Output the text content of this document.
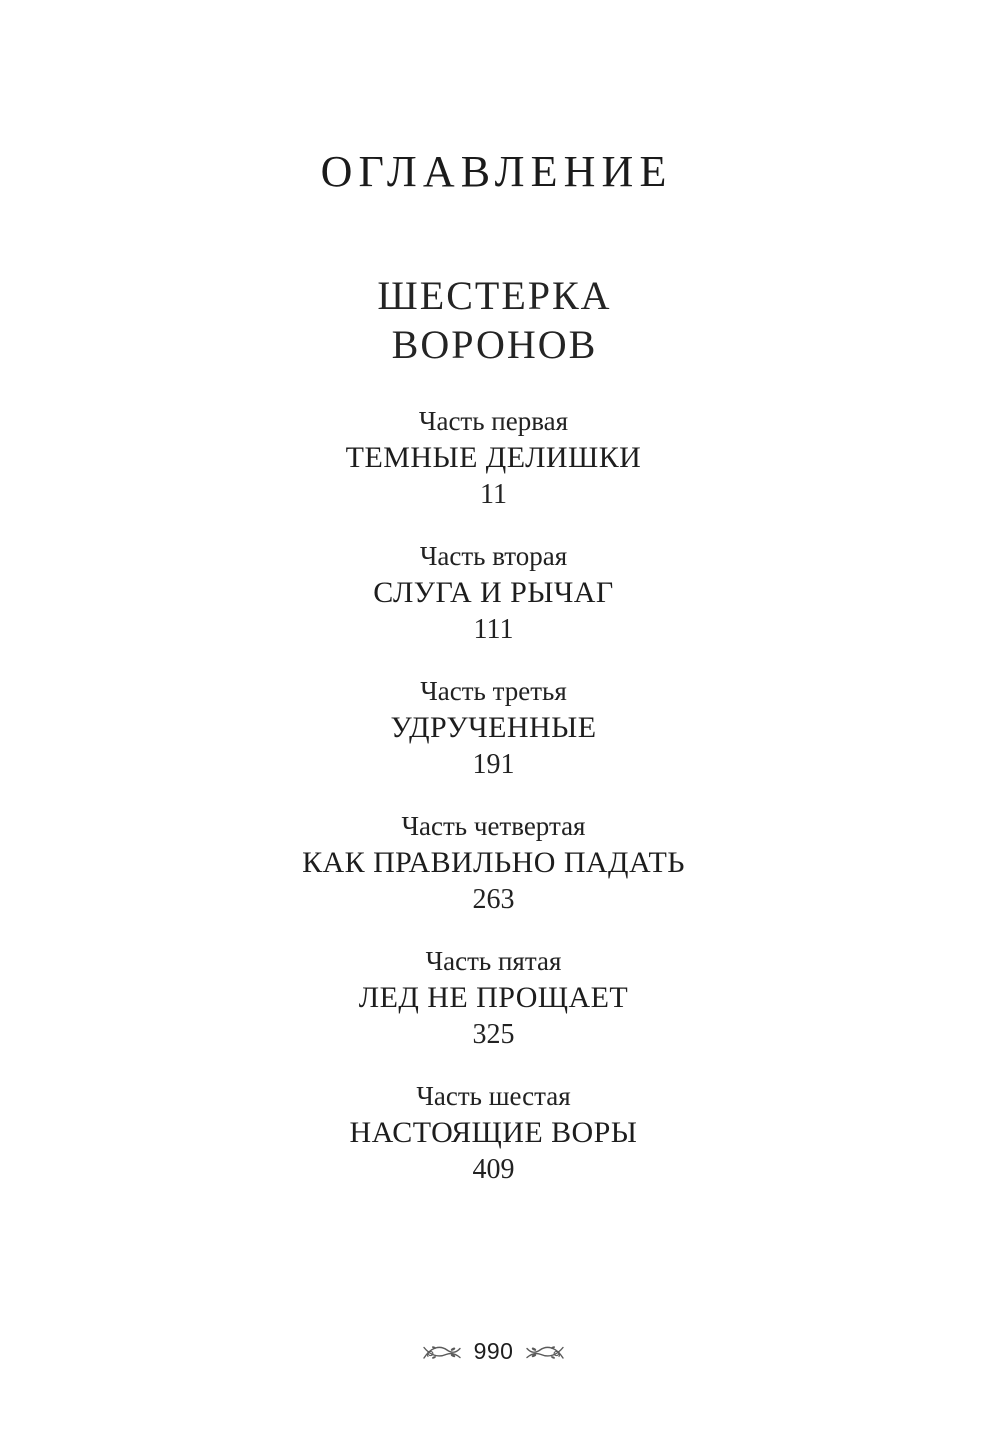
ОГЛАВЛЕНИЕ
ШЕСТЕРКА
ВОРОНОВ
Часть первая
ТЕМНЫЕ ДЕЛИШКИ
11
Часть вторая
СЛУГА И РЫЧАГ
111
Часть третья
УДРУЧЕННЫЕ
191
Часть четвертая
КАК ПРАВИЛЬНО ПАДАТЬ
263
Часть пятая
ЛЕД НЕ ПРОЩАЕТ
325
Часть шестая
НАСТОЯЩИЕ ВОРЫ
409
990
